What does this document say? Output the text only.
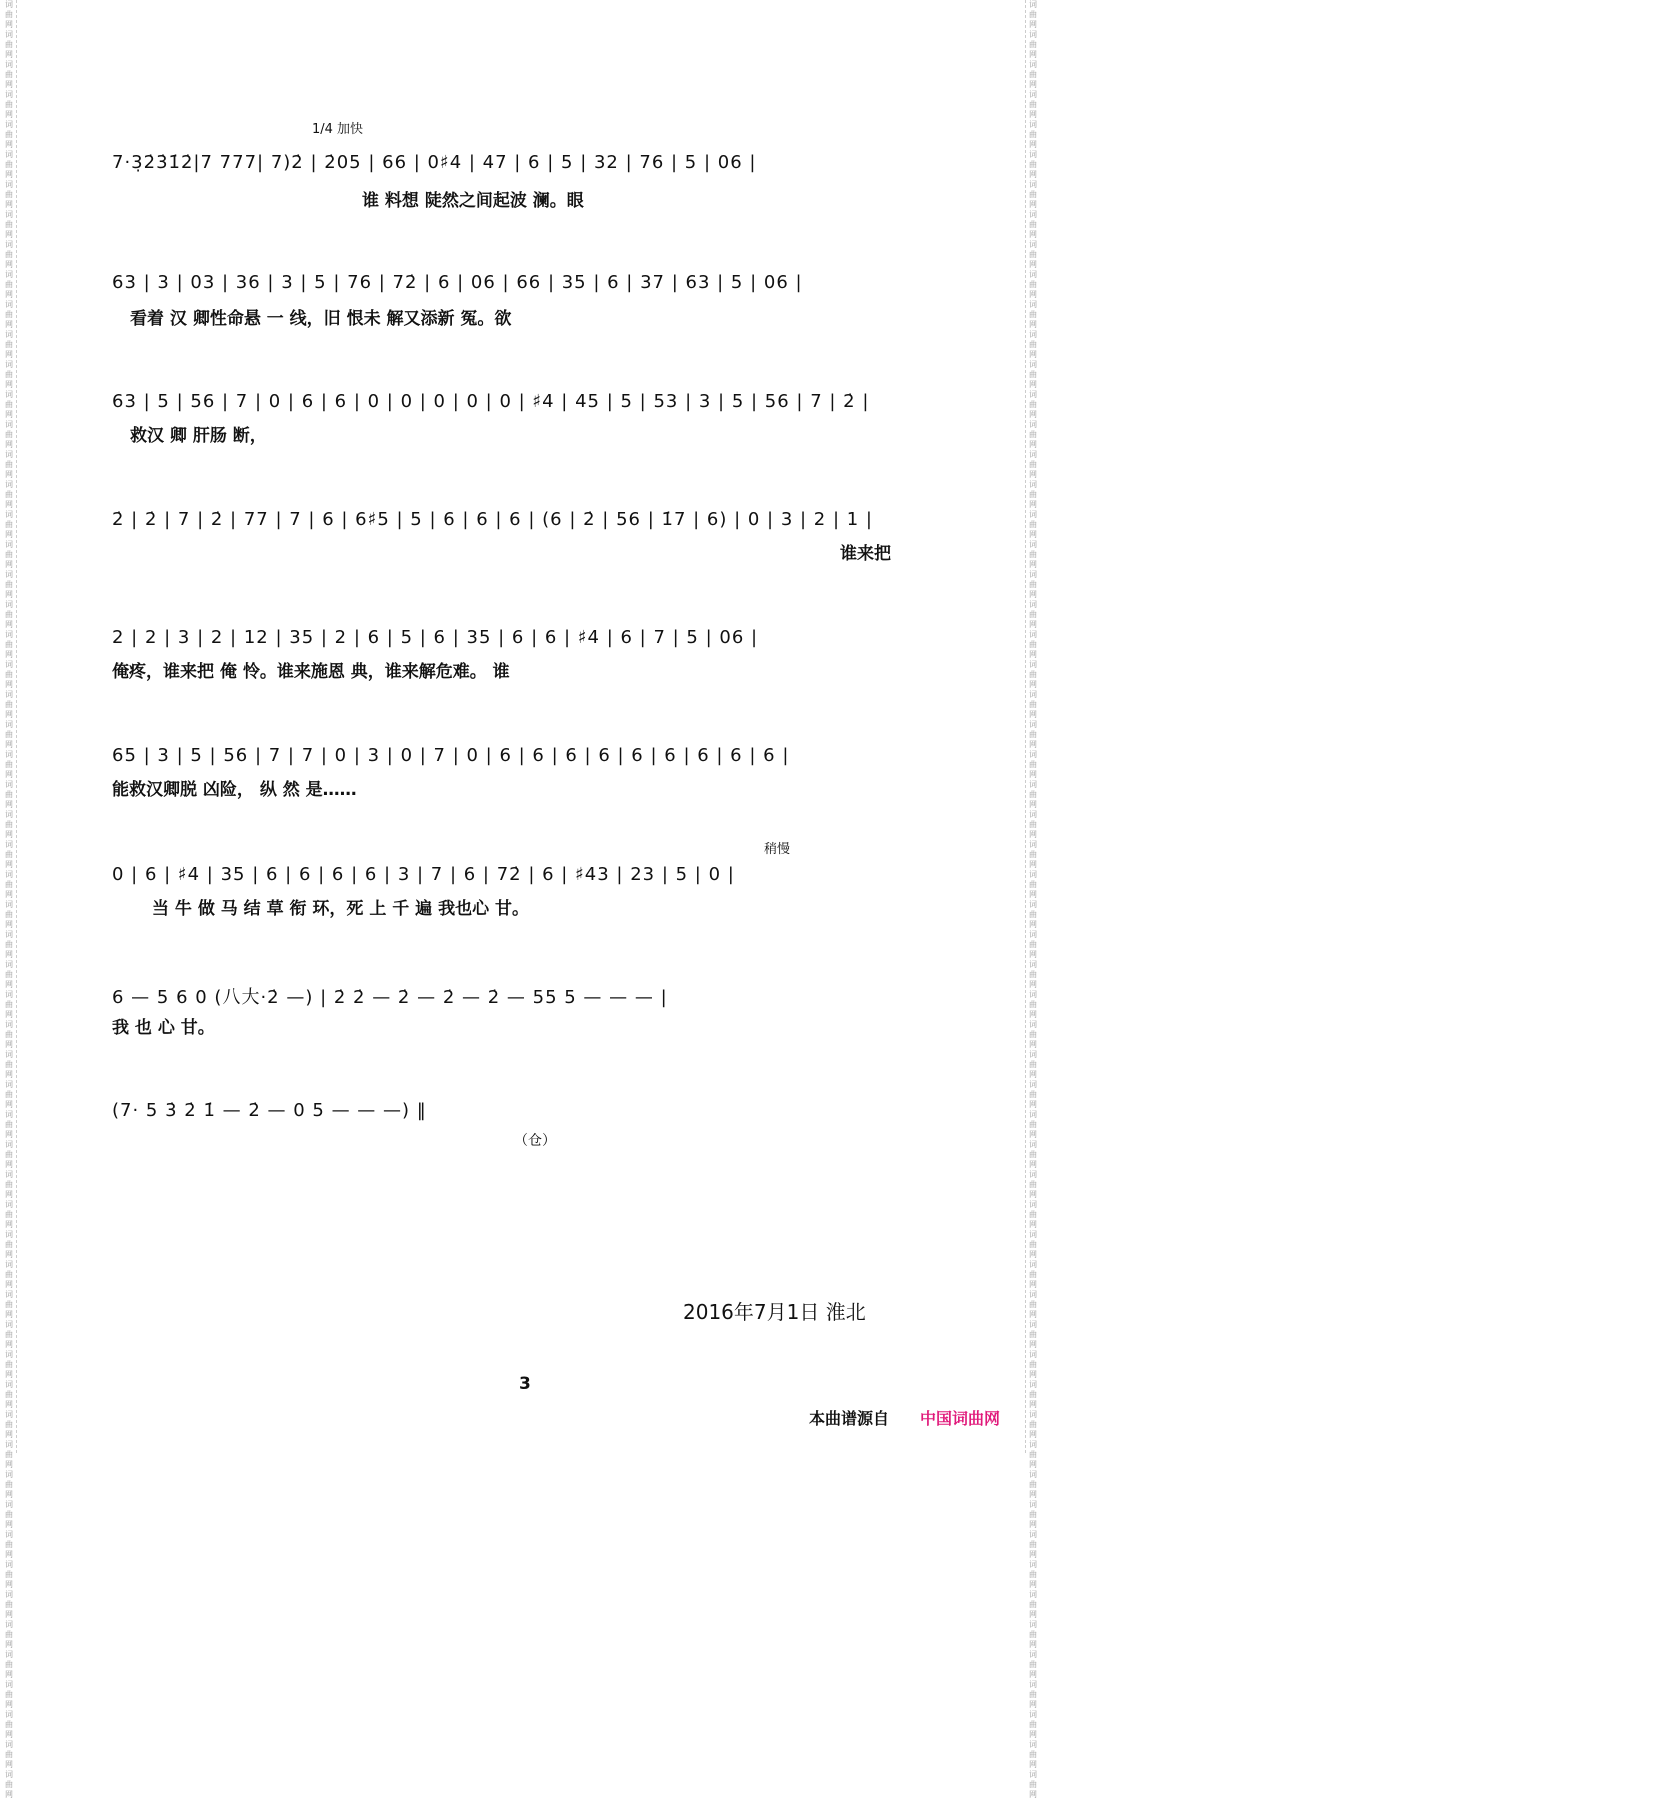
词曲网 词曲网 词曲网 词曲网 词曲网 词曲网 词曲网 词曲网 词曲网 词曲网 词曲网 词曲网 词曲网 词曲网 词曲网 词曲网 词曲网 词曲网 词曲网 词曲网 词曲网 词曲网 词曲网 词曲网 词曲网 词曲网 词曲网 词曲网 词曲网 词曲网 词曲网 词曲网 词曲网 词曲网 词曲网 词曲网 词曲网 词曲网 词曲网 词曲网 词曲网 词曲网 词曲网 词曲网 词曲网 词曲网 词曲网 词曲网 词曲网 词曲网 词曲网 词曲网 词曲网 词曲网 词曲网 词曲网 词曲网 词曲网 词曲网 词曲网
词曲网 词曲网 词曲网 词曲网 词曲网 词曲网 词曲网 词曲网 词曲网 词曲网 词曲网 词曲网 词曲网 词曲网 词曲网 词曲网 词曲网 词曲网 词曲网 词曲网 词曲网 词曲网 词曲网 词曲网 词曲网 词曲网 词曲网 词曲网 词曲网 词曲网 词曲网 词曲网 词曲网 词曲网 词曲网 词曲网 词曲网 词曲网 词曲网 词曲网 词曲网 词曲网 词曲网 词曲网 词曲网 词曲网 词曲网 词曲网 词曲网 词曲网 词曲网 词曲网 词曲网 词曲网 词曲网 词曲网 词曲网 词曲网 词曲网 词曲网
1/4 加快
稍慢
7·3̣2̇3̇1̇2̇|7 777| 7)2̇ | 2̇05 | 66 | 0♯4 | 47 | 6 | 5 | 32 | 76 | 5 | 06 |
谁 料想 陡然之间起波 澜。眼
63 | 3 | 03 | 36 | 3 | 5 | 76 | 72̇ | 6 | 06 | 66 | 35 | 6 | 37 | 63 | 5 | 06 |
看着 汉 卿性命悬 一 线，旧 恨未 解又添新 冤。欲
63 | 5 | 56 | 7 | 0 | 6 | 6 | 0 | 0 | 0 | 0 | 0 | ♯4 | 45 | 5 | 53 | 3 | 5 | 56 | 7 | 2̇ |
救汉 卿 肝肠 断，
2̇ | 2̇ | 7 | 2̇ | 77 | 7 | 6 | 6♯5 | 5 | 6 | 6 | 6 | (6 | 2̇ | 56 | 1̇7 | 6) | 0 | 3 | 2 | 1 |
谁来把
2 | 2 | 3 | 2 | 12 | 35 | 2 | 6 | 5 | 6 | 35 | 6 | 6 | ♯4 | 6 | 7 | 5 | 06 |
俺疼，谁来把 俺 怜。谁来施恩 典，谁来解危难。 谁
65 | 3 | 5 | 56 | 7 | 7 | 0 | 3 | 0 | 7 | 0 | 6 | 6 | 6 | 6 | 6 | 6 | 6 | 6 | 6 |
能救汉卿脱 凶险， 纵 然 是……
0 | 6 | ♯4 | 35 | 6 | 6 | 6 | 6 | 3 | 7 | 6 | 72̇ | 6 | ♯43 | 23 | 5 | 0 |
当 牛 做 马 结 草 衔 环，死 上 千 遍 我也心 甘。
6 — 5 6 0 (八大·2̇ —) | 2̇ 2̇ — 2̇ — 2̇ — 2̇ — 55 5 — — — |
我 也 心 甘。
(7· 5 3̇ 2̇ 1̇ — 2̇ — 0 5 — — —) ‖
（仓）
2016年7月1日 淮北
3
本曲谱源自 中国词曲网
